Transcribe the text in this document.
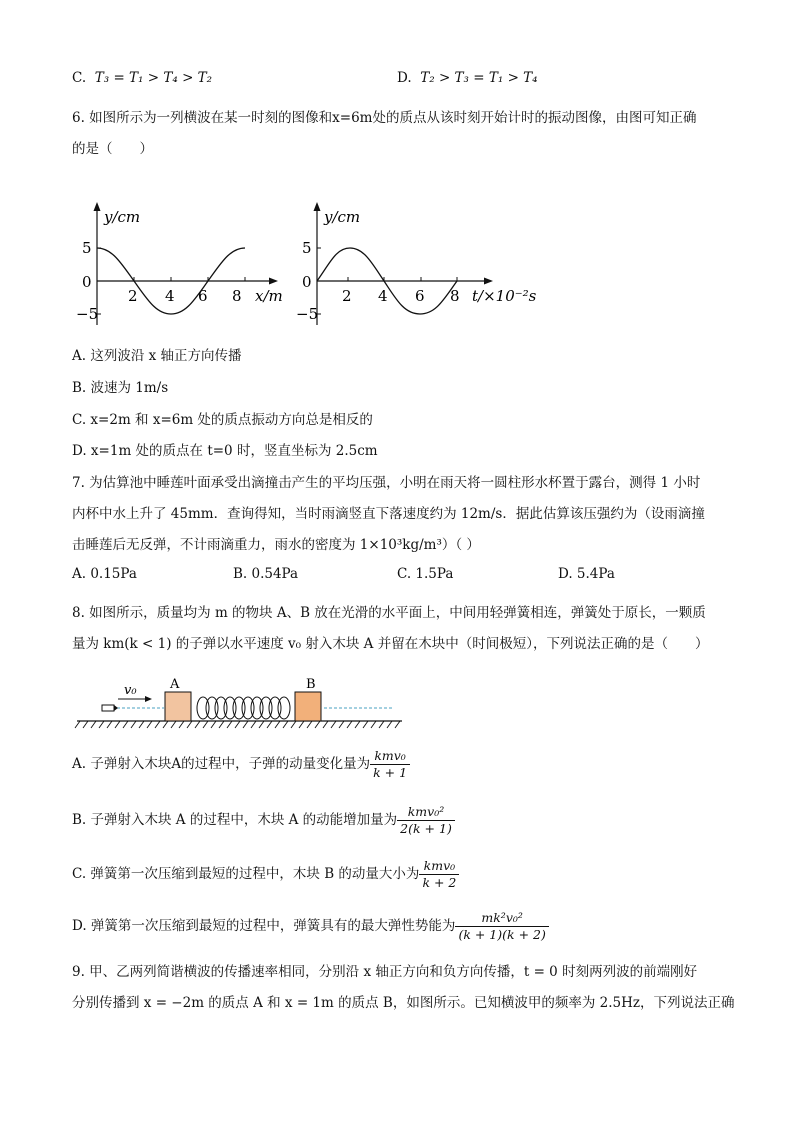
C. T₃ = T₁ > T₄ > T₂	D. T₂ > T₃ = T₁ > T₄
6. 如图所示为一列横波在某一时刻的图像和x=6m处的质点从该时刻开始计时的振动图像，由图可知正确
的是（　　）
y/cm
5
0
−5
2 4 6 8 x/m
y/cm
5
0
−5
2 4 6 8 t/×10⁻²s
A. 这列波沿 x 轴正方向传播
B. 波速为 1m/s
C. x=2m 和 x=6m 处的质点振动方向总是相反的
D. x=1m 处的质点在 t=0 时，竖直坐标为 2.5cm
7. 为估算池中睡莲叶面承受出滴撞击产生的平均压强，小明在雨天将一圆柱形水杯置于露台，测得 1 小时
内杯中水上升了 45mm．查询得知，当时雨滴竖直下落速度约为 12m/s．据此估算该压强约为（设雨滴撞
击睡莲后无反弹，不计雨滴重力，雨水的密度为 1×10³kg/m³）（ ）
A. 0.15Pa	B. 0.54Pa	C. 1.5Pa	D. 5.4Pa
8. 如图所示，质量均为 m 的物块 A、B 放在光滑的水平面上，中间用轻弹簧相连，弹簧处于原长，一颗质
量为 km(k < 1) 的子弹以水平速度 v₀ 射入木块 A 并留在木块中（时间极短），下列说法正确的是（　　）
v₀	A	B
A. 子弹射入木块A的过程中，子弹的动量变化量为 $\frac{\text{kmv₀}}{k + 1}$
B. 子弹射入木块 A 的过程中，木块 A 的动能增加量为 $\frac{\text{kmv₀²}}{2(k + 1)}$
C. 弹簧第一次压缩到最短的过程中，木块 B 的动量大小为 $\frac{\text{kmv₀}}{k + 2}$
D. 弹簧第一次压缩到最短的过程中，弹簧具有的最大弹性势能为 $\frac{\text{mk²v₀²}}{(k + 1)(k + 2)}$
9. 甲、乙两列简谐横波的传播速率相同，分别沿 x 轴正方向和负方向传播，t = 0 时刻两列波的前端刚好
分别传播到 x = −2m 的质点 A 和 x = 1m 的质点 B，如图所示。已知横波甲的频率为 2.5Hz，下列说法正确
